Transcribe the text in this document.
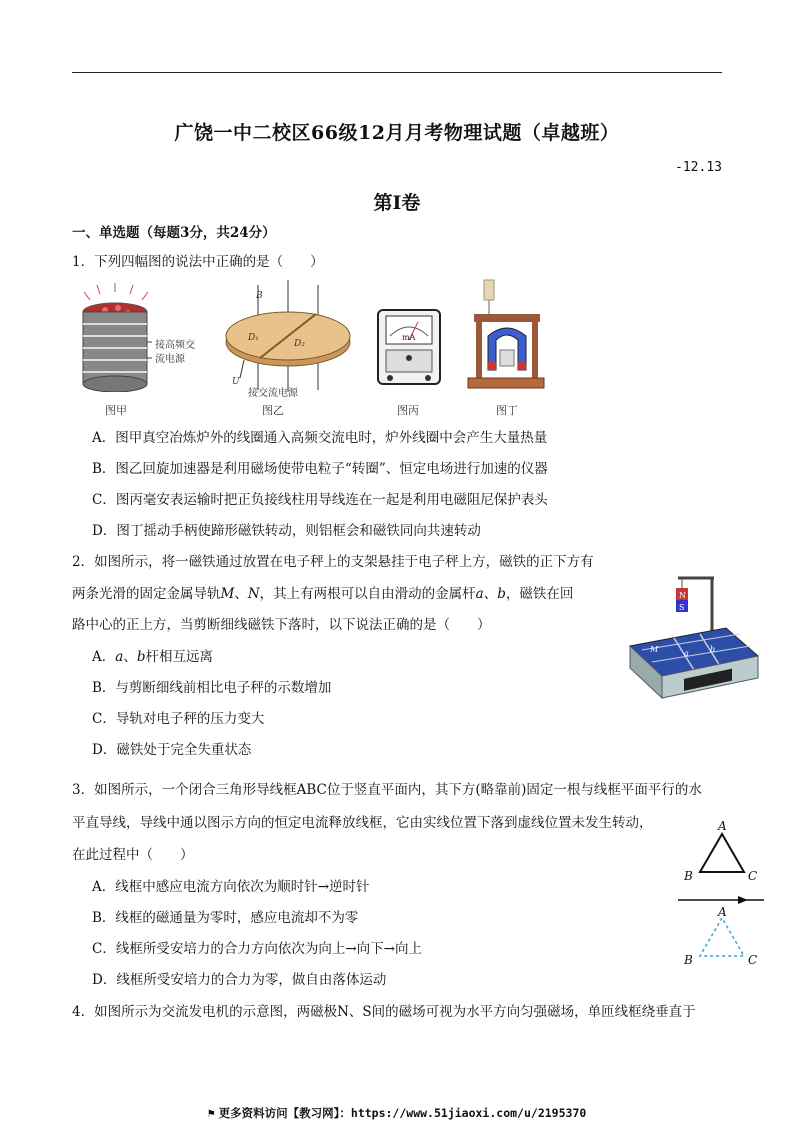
广饶一中二校区66级12月月考物理试题（卓越班）
-12.13
第Ⅰ卷
一、单选题（每题3分，共24分）
1．下列四幅图的说法中正确的是（　　）
接高频交
流电源
图甲
B
D₁
D₂
U
接交流电源
图乙
mA
图丙	图丁
A．图甲真空冶炼炉外的线圈通入高频交流电时，炉外线圈中会产生大量热量
B．图乙回旋加速器是利用磁场使带电粒子“转圈”、恒定电场进行加速的仪器
C．图丙毫安表运输时把正负接线柱用导线连在一起是利用电磁阻尼保护表头
D．图丁摇动手柄使蹄形磁铁转动，则铝框会和磁铁同向共速转动
2．如图所示，将一磁铁通过放置在电子秤上的支架悬挂于电子秤上方，磁铁的正下方有
两条光滑的固定金属导轨M、N，其上有两根可以自由滑动的金属杆a、b，磁铁在回
路中心的正上方，当剪断细线磁铁下落时，以下说法正确的是（　　）
A．a、b杆相互远离
B．与剪断细线前相比电子秤的示数增加
C．导轨对电子秤的压力变大
D．磁铁处于完全失重状态
N
S
M	a	b
3．如图所示，一个闭合三角形导线框ABC位于竖直平面内，其下方(略靠前)固定一根与线框平面平行的水
平直导线，导线中通以图示方向的恒定电流释放线框，它由实线位置下落到虚线位置未发生转动，
在此过程中（　　）
A．线框中感应电流方向依次为顺时针→逆时针
B．线框的磁通量为零时，感应电流却不为零
C．线框所受安培力的合力方向依次为向上→向下→向上
D．线框所受安培力的合力为零，做自由落体运动
A
B	C
A
B	C
4．如图所示为交流发电机的示意图，两磁极N、S间的磁场可视为水平方向匀强磁场，单匝线框绕垂直于
⚑ 更多资料访问【教习网】：https://www.51jiaoxi.com/u/2195370
